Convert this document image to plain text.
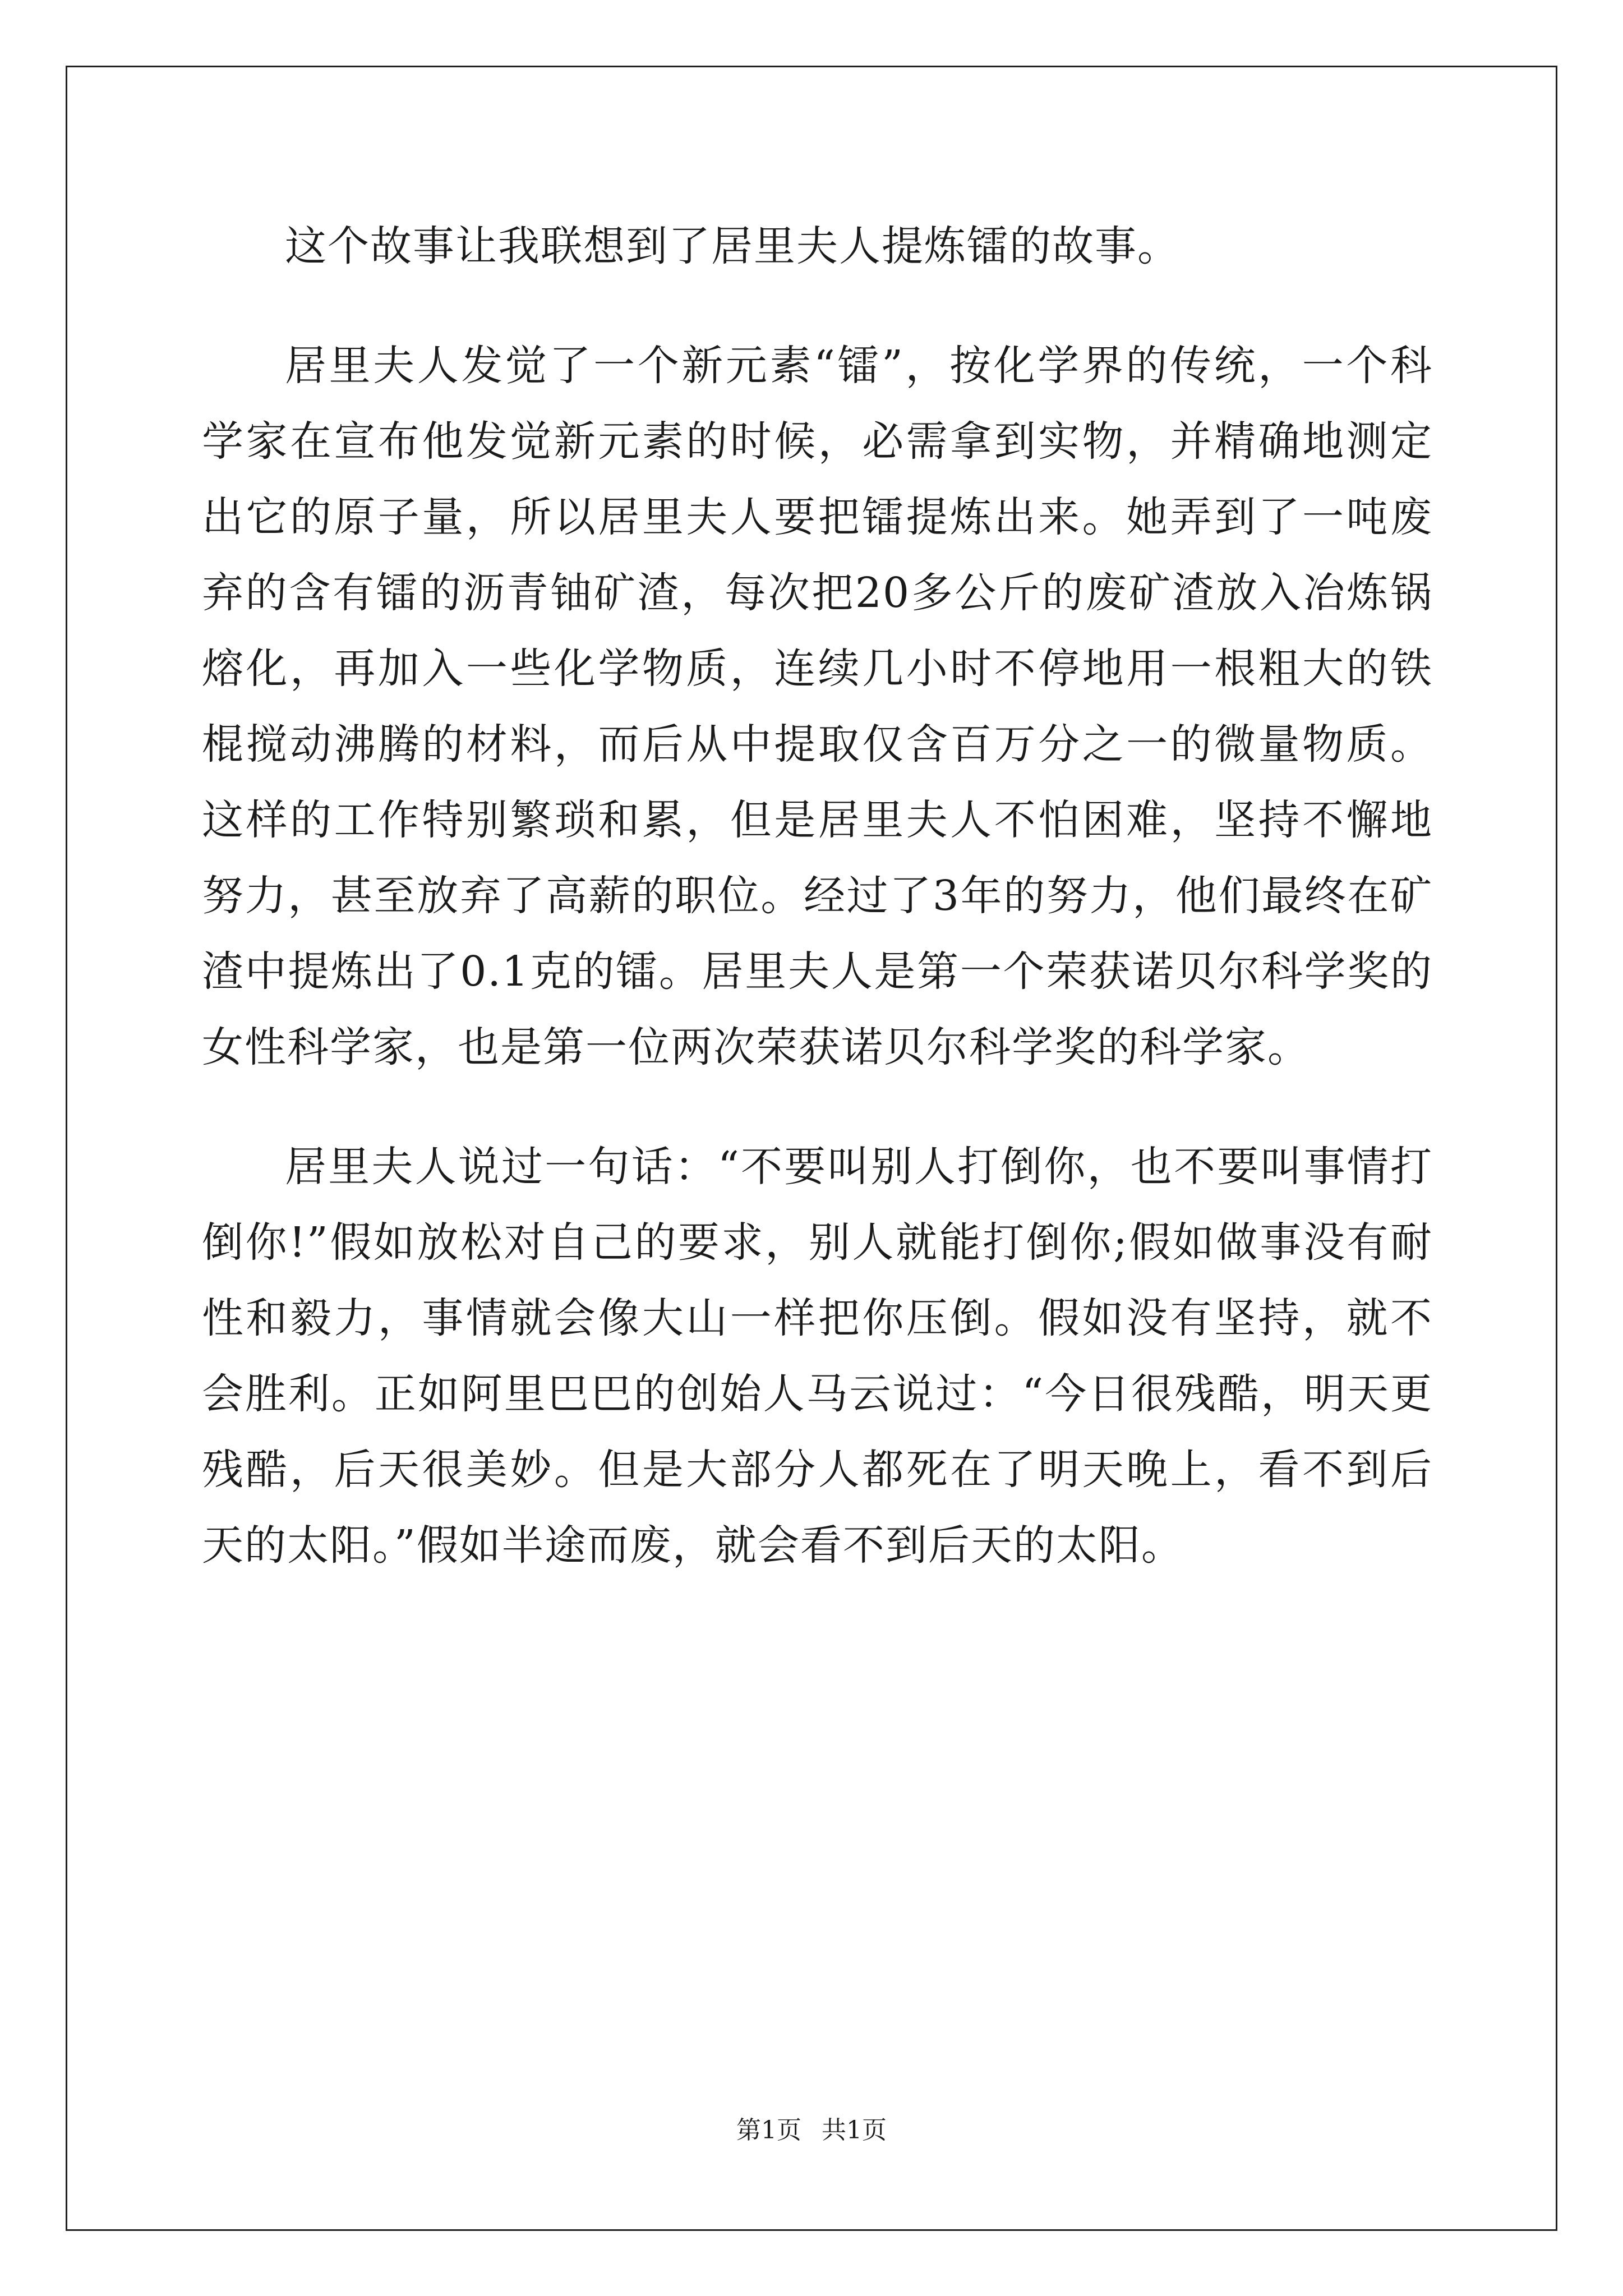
这个故事让我联想到了居里夫人提炼镭的故事。

居里夫人发觉了一个新元素“镭”，按化学界的传统，一个科学家在宣布他发觉新元素的时候，必需拿到实物，并精确地测定出它的原子量，所以居里夫人要把镭提炼出来。她弄到了一吨废弃的含有镭的沥青铀矿渣，每次把20多公斤的废矿渣放入冶炼锅熔化，再加入一些化学物质，连续几小时不停地用一根粗大的铁棍搅动沸腾的材料，而后从中提取仅含百万分之一的微量物质。这样的工作特别繁琐和累，但是居里夫人不怕困难，坚持不懈地努力，甚至放弃了高薪的职位。经过了3年的努力，他们最终在矿渣中提炼出了0.1克的镭。居里夫人是第一个荣获诺贝尔科学奖的女性科学家，也是第一位两次荣获诺贝尔科学奖的科学家。

居里夫人说过一句话：“不要叫别人打倒你，也不要叫事情打倒你!”假如放松对自己的要求，别人就能打倒你;假如做事没有耐性和毅力，事情就会像大山一样把你压倒。假如没有坚持，就不会胜利。正如阿里巴巴的创始人马云说过：“今日很残酷，明天更残酷，后天很美妙。但是大部分人都死在了明天晚上，看不到后天的太阳。”假如半途而废，就会看不到后天的太阳。

第1页 共1页
